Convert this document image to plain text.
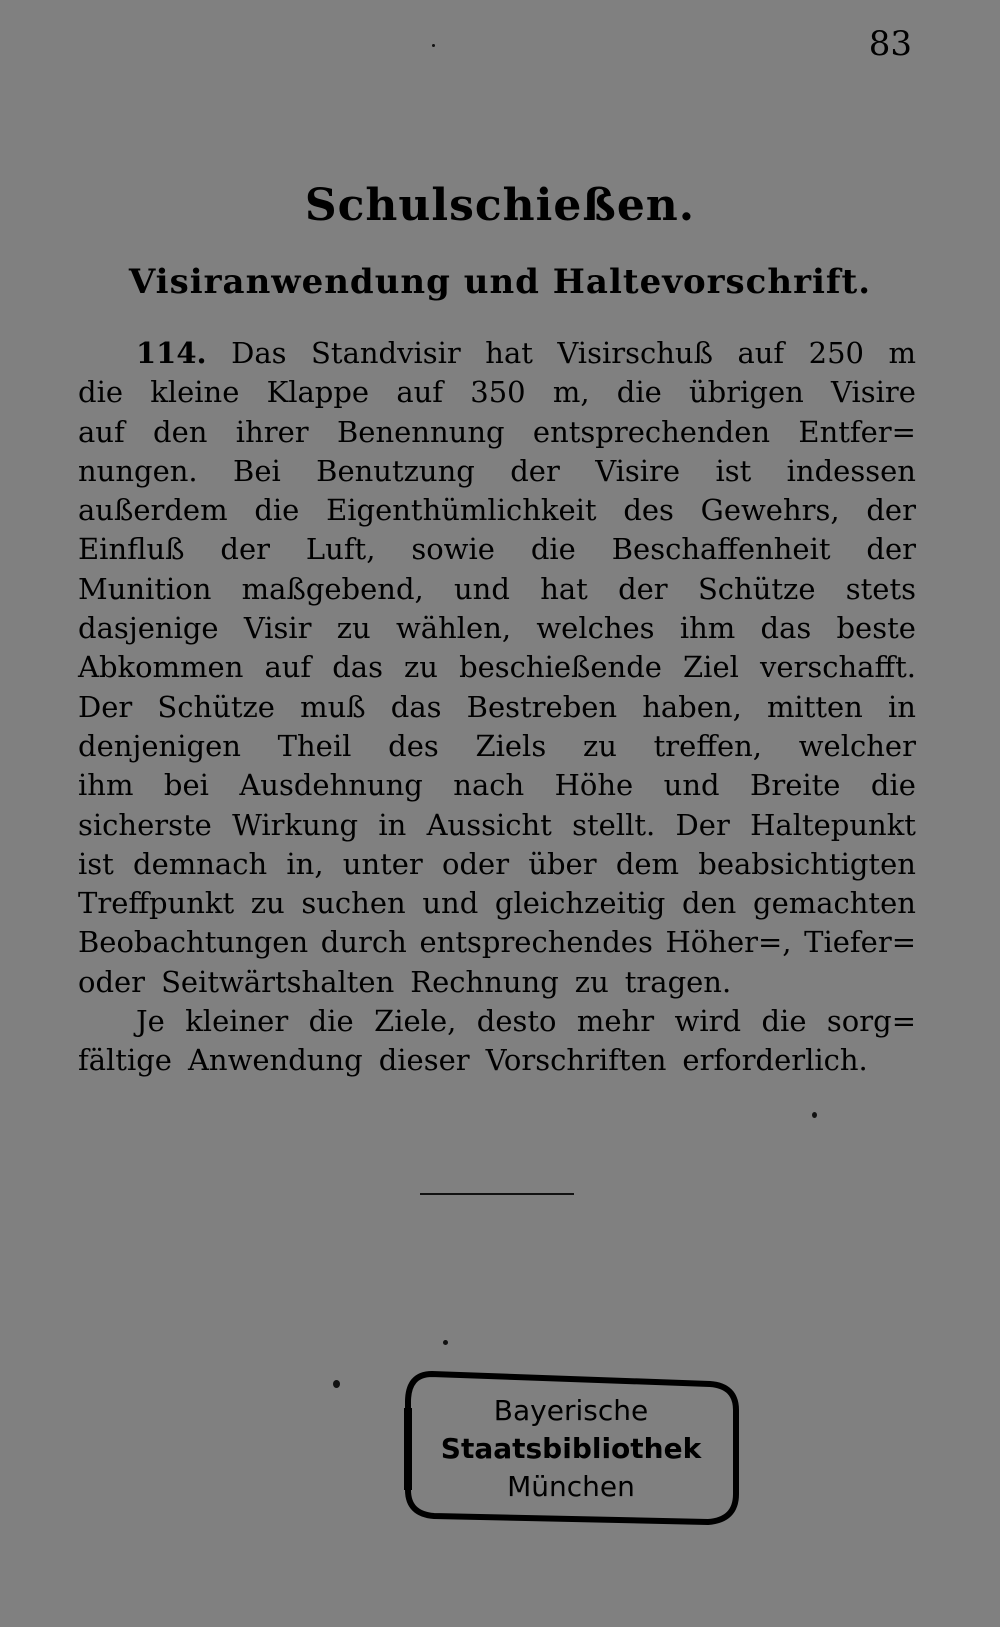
83
Schulschießen.
Visiranwendung und Haltevorschrift.
114. Das Standvisir hat Visirschuß auf 250 m
die kleine Klappe auf 350 m, die übrigen Visire
auf den ihrer Benennung entsprechenden Entfer=
nungen. Bei Benutzung der Visire ist indessen
außerdem die Eigenthümlichkeit des Gewehrs, der
Einfluß der Luft, sowie die Beschaffenheit der
Munition maßgebend, und hat der Schütze stets
dasjenige Visir zu wählen, welches ihm das beste
Abkommen auf das zu beschießende Ziel verschafft.
Der Schütze muß das Bestreben haben, mitten in
denjenigen Theil des Ziels zu treffen, welcher
ihm bei Ausdehnung nach Höhe und Breite die
sicherste Wirkung in Aussicht stellt. Der Haltepunkt
ist demnach in, unter oder über dem beabsichtigten
Treffpunkt zu suchen und gleichzeitig den gemachten
Beobachtungen durch entsprechendes Höher=, Tiefer=
oder Seitwärtshalten Rechnung zu tragen.
Je kleiner die Ziele, desto mehr wird die sorg=
fältige Anwendung dieser Vorschriften erforderlich.
Bayerische
Staatsbibliothek
München
